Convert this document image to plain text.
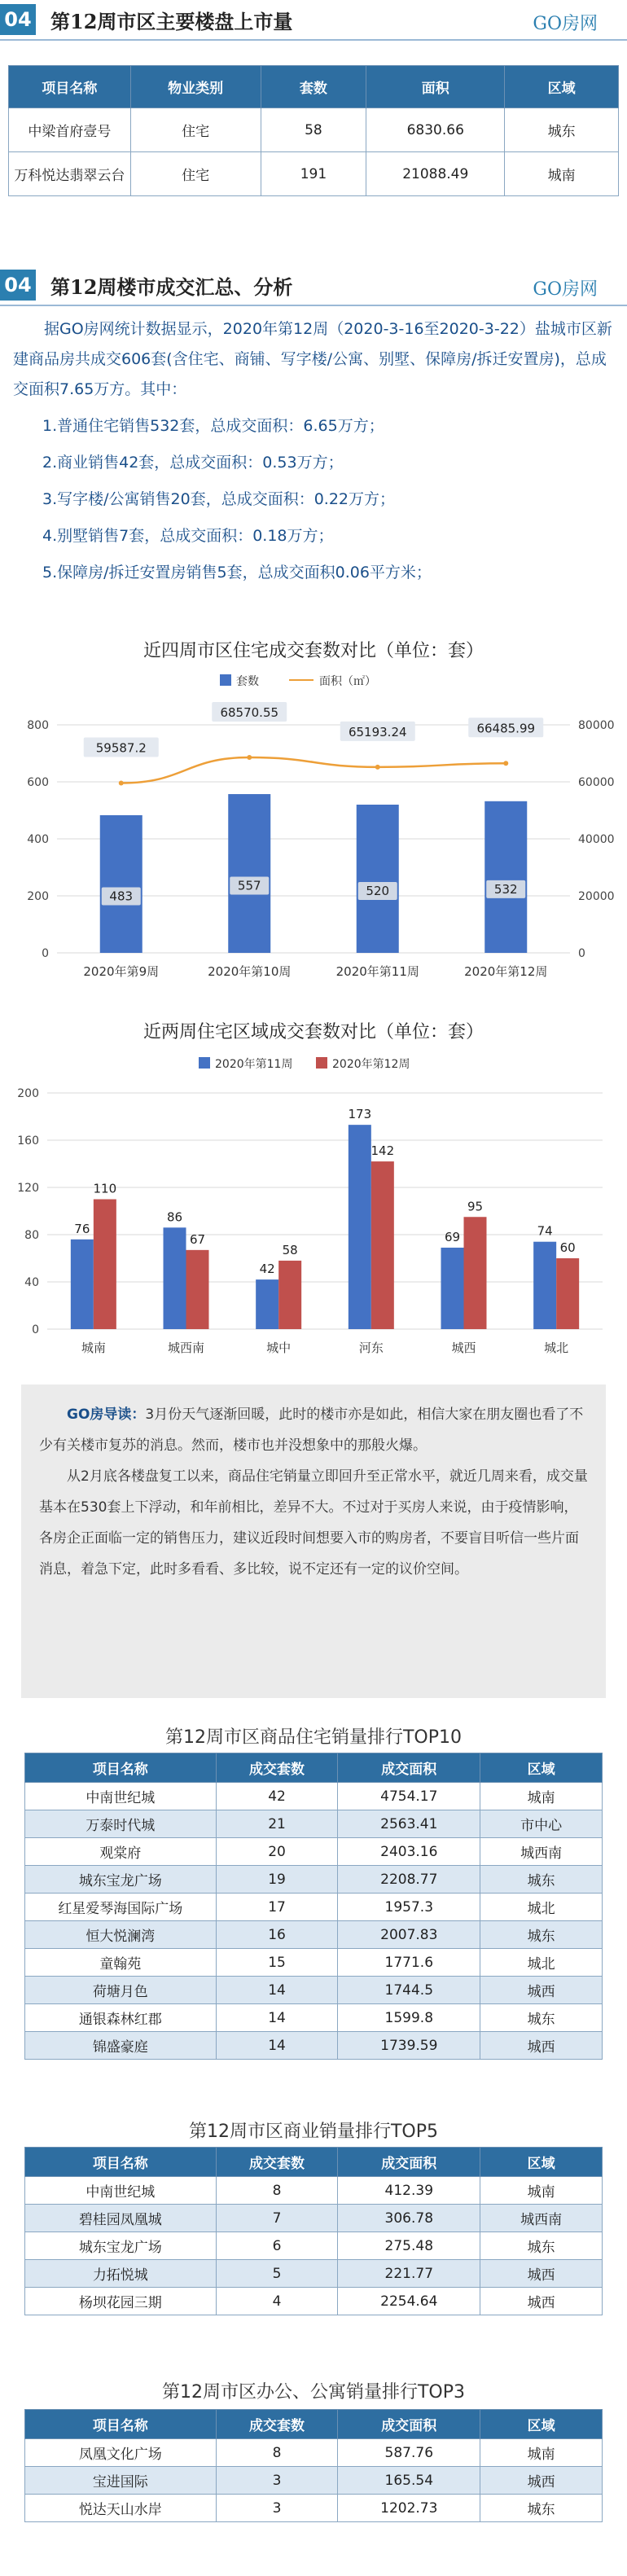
04 第12周市区主要楼盘上市量	GO房网
项目名称	物业类别	套数	面积	区域
中梁首府壹号	住宅	58	6830.66	城东
万科悦达翡翠云台	住宅	191	21088.49	城南
04 第12周楼市成交汇总、分析	GO房网

据GO房网统计数据显示，2020年第12周（2020-3-16至2020-3-22）盐城市区新建商品房共成交606套(含住宅、商铺、写字楼/公寓、别墅、保障房/拆迁安置房)，总成交面积7.65万方。其中：

1.普通住宅销售532套，总成交面积：6.65万方；

2.商业销售42套，总成交面积：0.53万方；

3.写字楼/公寓销售20套，总成交面积：0.22万方；

4.别墅销售7套，总成交面积：0.18万方；

5.保障房/拆迁安置房销售5套，总成交面积0.06平方米；

近四周市区住宅成交套数对比（单位：套）
套数	面积（㎡）
0	0
200	20000
400	40000
600	60000
800	80000
483
2020年第9周
557
2020年第10周
520
2020年第11周
532
2020年第12周
59587.2
68570.55
65193.24	66485.99
近两周住宅区域成交套数对比（单位：套）
2020年第11周	2020年第12周
0
40
80
120
160
200
76
110
城南
86
67
城西南
42
58
城中
173
142
河东
69
95
城西
74
60
城北

GO房导读：3月份天气逐渐回暖，此时的楼市亦是如此，相信大家在朋友圈也看了不少有关楼市复苏的消息。然而，楼市也并没想象中的那般火爆。

从2月底各楼盘复工以来，商品住宅销量立即回升至正常水平，就近几周来看，成交量基本在530套上下浮动，和年前相比，差异不大。不过对于买房人来说，由于疫情影响，各房企正面临一定的销售压力，建议近段时间想要入市的购房者，不要盲目听信一些片面消息，着急下定，此时多看看、多比较，说不定还有一定的议价空间。

第12周市区商品住宅销量排行TOP10
项目名称	成交套数	成交面积	区域
中南世纪城	42	4754.17	城南
万泰时代城	21	2563.41	市中心
观棠府	20	2403.16	城西南
城东宝龙广场	19	2208.77	城东
红星爱琴海国际广场	17	1957.3	城北
恒大悦澜湾	16	2007.83	城东
童翰苑	15	1771.6	城北
荷塘月色	14	1744.5	城西
通银森林红郡	14	1599.8	城东
锦盛豪庭	14	1739.59	城西
第12周市区商业销量排行TOP5
项目名称	成交套数	成交面积	区域
中南世纪城	8	412.39	城南
碧桂园凤凰城	7	306.78	城西南
城东宝龙广场	6	275.48	城东
力拓悦城	5	221.77	城西
杨坝花园三期	4	2254.64	城西
第12周市区办公、公寓销量排行TOP3
项目名称	成交套数	成交面积	区域
凤凰文化广场	8	587.76	城南
宝进国际	3	165.54	城西
悦达天山水岸	3	1202.73	城东
